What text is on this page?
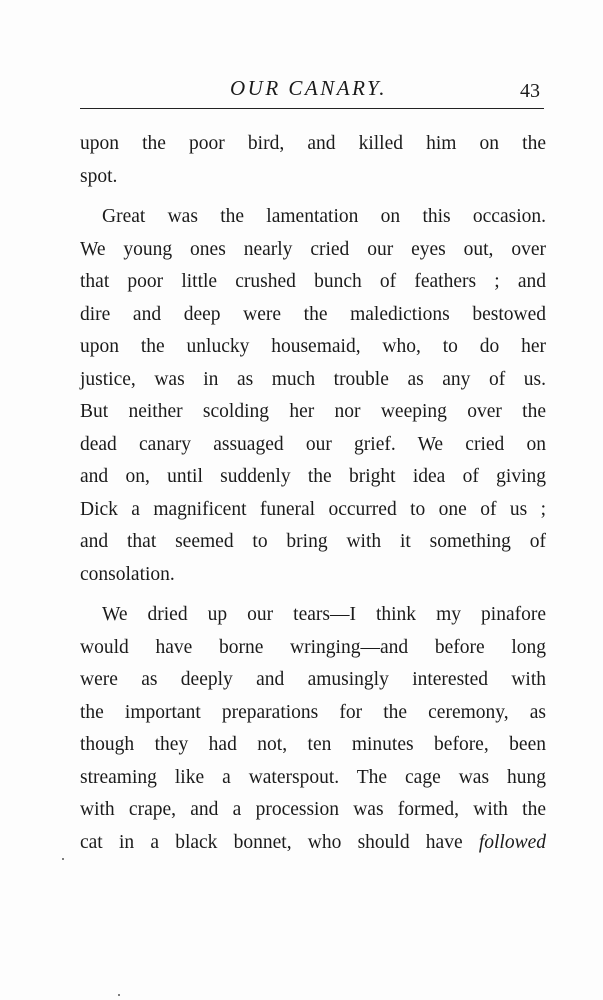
OUR CANARY.	43
upon the poor bird, and killed him on the
spot.
Great was the lamentation on this occasion.
We young ones nearly cried our eyes out, over
that poor little crushed bunch of feathers ; and
dire and deep were the maledictions bestowed
upon the unlucky housemaid, who, to do her
justice, was in as much trouble as any of us.
But neither scolding her nor weeping over the
dead canary assuaged our grief. We cried on
and on, until suddenly the bright idea of giving
Dick a magnificent funeral occurred to one of us ;
and that seemed to bring with it something of
consolation.
We dried up our tears—I think my pinafore
would have borne wringing—and before long
were as deeply and amusingly interested with
the important preparations for the ceremony, as
though they had not, ten minutes before, been
streaming like a waterspout. The cage was hung
with crape, and a procession was formed, with the
cat in a black bonnet, who should have followed
